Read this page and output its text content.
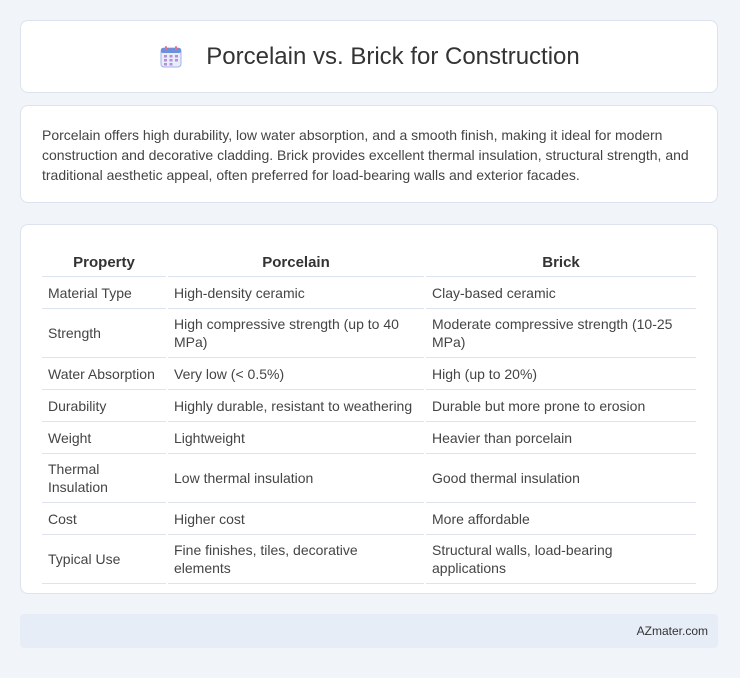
Porcelain vs. Brick for Construction

Porcelain offers high durability, low water absorption, and a smooth finish, making it ideal for modern construction and decorative cladding. Brick provides excellent thermal insulation, structural strength, and traditional aesthetic appeal, often preferred for load-bearing walls and exterior facades.

Property	Porcelain	Brick
Material Type	High-density ceramic	Clay-based ceramic
Strength	High compressive strength (up to 40 MPa)	Moderate compressive strength (10-25 MPa)
Water Absorption	Very low (< 0.5%)	High (up to 20%)
Durability	Highly durable, resistant to weathering	Durable but more prone to erosion
Weight	Lightweight	Heavier than porcelain
Thermal Insulation	Low thermal insulation	Good thermal insulation
Cost	Higher cost	More affordable
Typical Use	Fine finishes, tiles, decorative elements	Structural walls, load-bearing applications
AZmater.com
